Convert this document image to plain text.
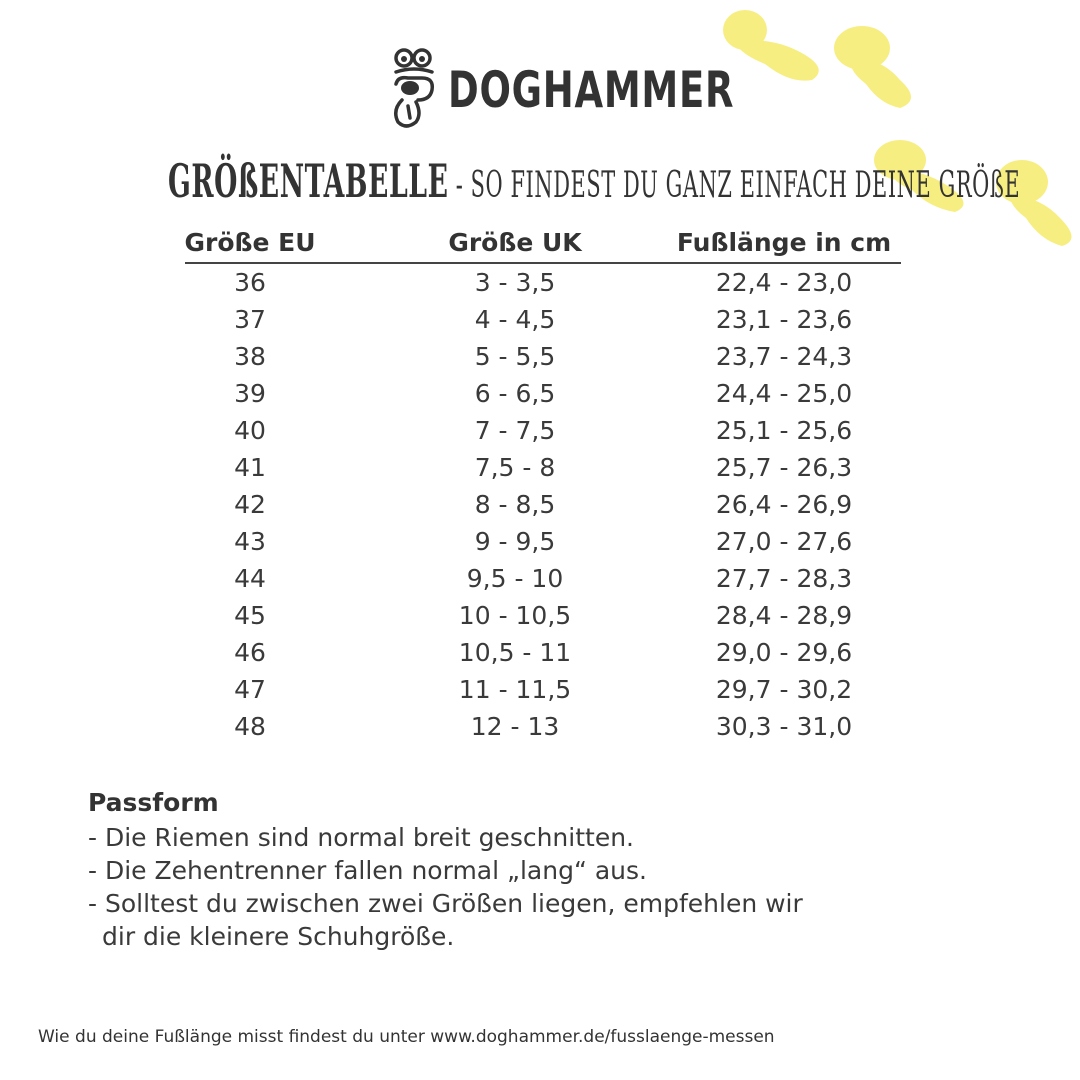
DOGHAMMER
GRÖßENTABELLE - SO FINDEST DU GANZ EINFACH DEINE GRÖßE
Größe EU	Größe UK	Fußlänge in cm
36	3 - 3,5	22,4 - 23,0
37	4 - 4,5	23,1 - 23,6
38	5 - 5,5	23,7 - 24,3
39	6 - 6,5	24,4 - 25,0
40	7 - 7,5	25,1 - 25,6
41	7,5 - 8	25,7 - 26,3
42	8 - 8,5	26,4 - 26,9
43	9 - 9,5	27,0 - 27,6
44	9,5 - 10	27,7 - 28,3
45	10 - 10,5	28,4 - 28,9
46	10,5 - 11	29,0 - 29,6
47	11 - 11,5	29,7 - 30,2
48	12 - 13	30,3 - 31,0
Passform
- Die Riemen sind normal breit geschnitten.
- Die Zehentrenner fallen normal „lang“ aus.
- Solltest du zwischen zwei Größen liegen, empfehlen wir
dir die kleinere Schuhgröße.
Wie du deine Fußlänge misst findest du unter www.doghammer.de/fusslaenge-messen
